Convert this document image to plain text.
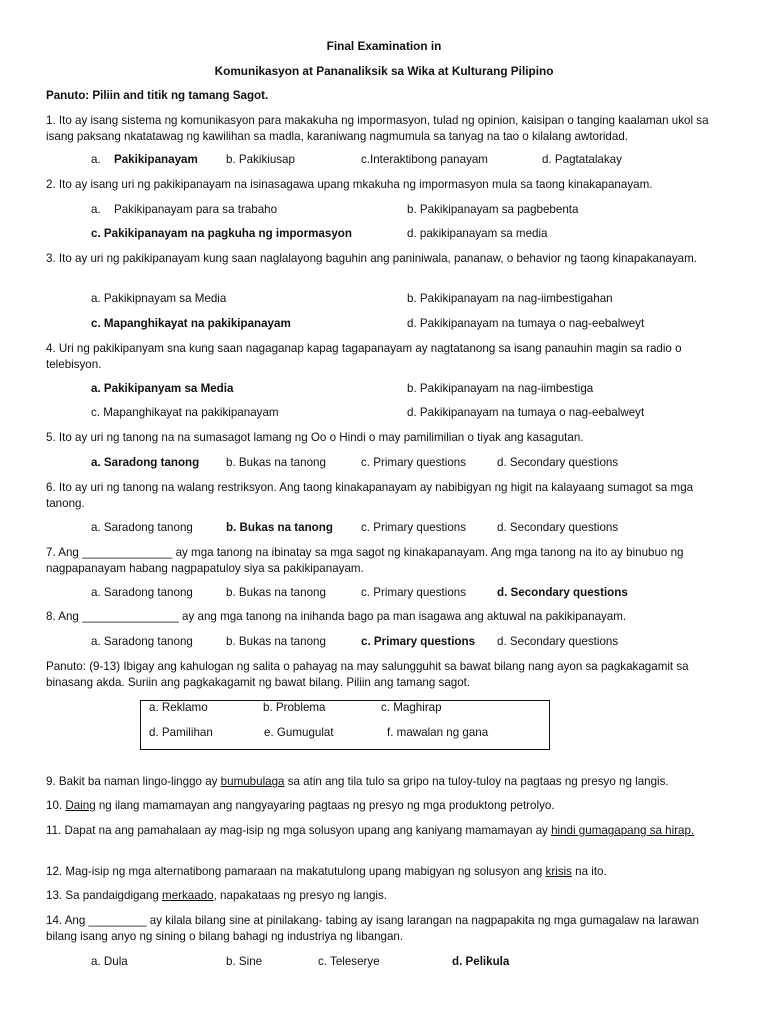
Final Examination in
Komunikasyon at Pananaliksik sa Wika at Kulturang Pilipino
Panuto: Piliin and titik ng tamang Sagot.
1. Ito ay isang sistema ng komunikasyon para makakuha ng impormasyon, tulad ng opinion, kaisipan o tanging kaalaman ukol sa isang paksang nkatatawag ng kawilihan sa madla, karaniwang nagmumula sa tanyag na tao o kilalang awtoridad.
a. Pakikipanayam b. Pakikiusap	c.Interaktibong panayam	d. Pagtatalakay
2. Ito ay isang uri ng pakikipanayam na isinasagawa upang mkakuha ng impormasyon mula sa taong kinakapanayam.
a. Pakikipanayam para sa trabaho	b. Pakikipanayam sa pagbebenta
c. Pakikipanayam na pagkuha ng impormasyon	d. pakikipanayam sa media
3. Ito ay uri ng pakikipanayam kung saan naglalayong baguhin ang paniniwala, pananaw, o behavior ng taong kinapakanayam.
a. Pakikipnayam sa Media	b. Pakikipanayam na nag-iimbestigahan
c. Mapanghikayat na pakikipanayam	d. Pakikipanayam na tumaya o nag-eebalweyt
4. Uri ng pakikipanyam sna kung saan nagaganap kapag tagapanayam ay nagtatanong sa isang panauhin magin sa radio o telebisyon.
a. Pakikipanyam sa Media	b. Pakikipanayam na nag-iimbestiga
c. Mapanghikayat na pakikipanayam	d. Pakikipanayam na tumaya o nag-eebalweyt
5. Ito ay uri ng tanong na na sumasagot lamang ng Oo o Hindi o may pamilimilian o tiyak ang kasagutan.
a. Saradong tanong b. Bukas na tanong	c. Primary questions	d. Secondary questions
6. Ito ay uri ng tanong na walang restriksyon. Ang taong kinakapanayam ay nabibigyan ng higit na kalayaang sumagot sa mga tanong.
a. Saradong tanong	b. Bukas na tanong c. Primary questions	d. Secondary questions
7. Ang ______________ ay mga tanong na ibinatay sa mga sagot ng kinakapanayam. Ang mga tanong na ito ay binubuo ng nagpapanayam habang nagpapatuloy siya sa pakikipanayam.
a. Saradong tanong	b. Bukas na tanong	c. Primary questions	d. Secondary questions
8. Ang _______________ ay ang mga tanong na inihanda bago pa man isagawa ang aktuwal na pakikipanayam.
a. Saradong tanong	b. Bukas na tanong	c. Primary questions d. Secondary questions
Panuto: (9-13) Ibigay ang kahulogan ng salita o pahayag na may salungguhit sa bawat bilang nang ayon sa pagkakagamit sa binasang akda. Suriin ang pagkakagamit ng bawat bilang. Piliin ang tamang sagot.
a. Reklamo	b. Problema	c. Maghirap
d. Pamilihan	e. Gumugulat	f. mawalan ng gana
9. Bakit ba naman lingo-linggo ay bumubulaga sa atin ang tila tulo sa gripo na tuloy-tuloy na pagtaas ng presyo ng langis.
10. Daing ng ilang mamamayan ang nangyayaring pagtaas ng presyo ng mga produktong petrolyo.
11. Dapat na ang pamahalaan ay mag-isip ng mga solusyon upang ang kaniyang mamamayan ay hindi gumagapang sa hirap.
12. Mag-isip ng mga alternatibong pamaraan na makatutulong upang mabigyan ng solusyon ang krisis na ito.
13. Sa pandaigdigang merkaado, napakataas ng presyo ng langis.
14. Ang _________ ay kilala bilang sine at pinilakang- tabing ay isang larangan na nagpapakita ng mga gumagalaw na larawan bilang isang anyo ng sining o bilang bahagi ng industriya ng libangan.
a. Dula	b. Sine	c. Teleserye	d. Pelikula
